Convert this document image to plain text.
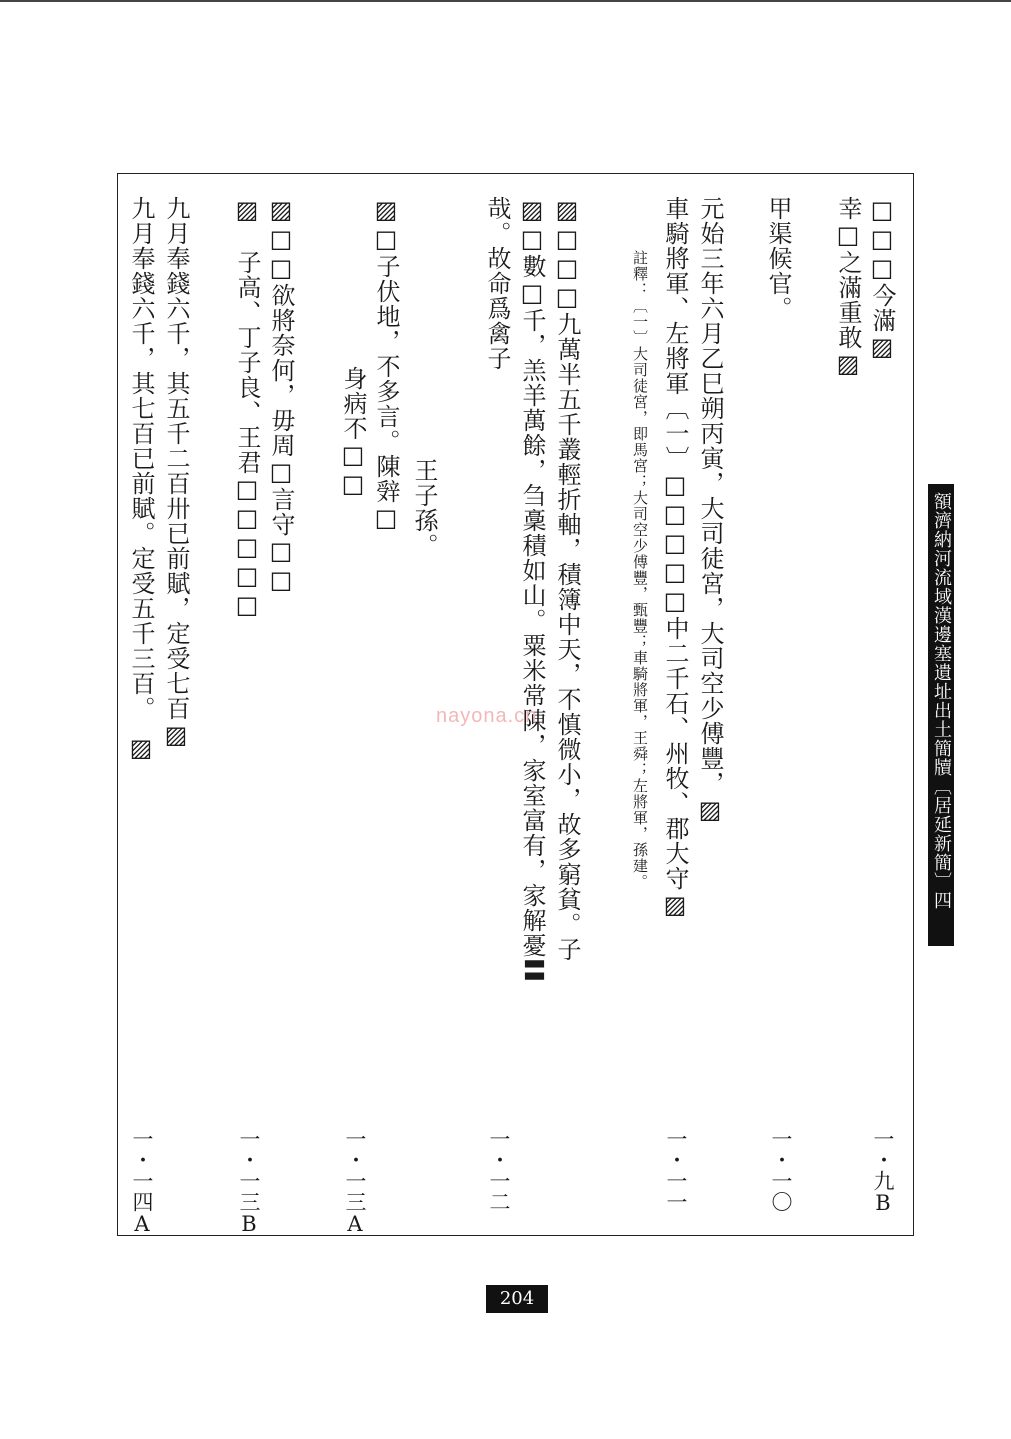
□□□今滿▨
幸□之滿重敢▨
甲渠候官。
元始三年六月乙巳朔丙寅，大司徒宮，大司空少傅豐，▨
車騎將軍、左將軍〔一〕□□□□□中二千石、州牧、郡大守▨
註釋：〔一〕大司徒宮，即馬宮；大司空少傅豐，甄豐；車騎將軍，王舜；左將軍，孫建。
▨□□□九萬半五千叢輕折軸，積簿中天，不慎微小，故多窮貧。子
▨□數□千，羔羊萬餘，刍稾積如山。粟米常陳，家室富有，家解憂〓
哉。故命爲禽子
王子孫。
身病不□□ ▨□子伏地，不多言。陳辤□
▨□□欲將奈何，毋周□言守□□
▨　子高、丁子良、王君□□□□□
九月奉錢六千，其五千二百卅已前賦，定受七百▨
九月奉錢六千，其七百已前賦。定受五千三百。　▨
一・九B
一・一〇
一・一一
一・一二
一・一三A
一・一三B
一・一四A
額濟納河流域漢邊塞遺址出土簡牘〔居延新簡〕四
nayona.cn
204
